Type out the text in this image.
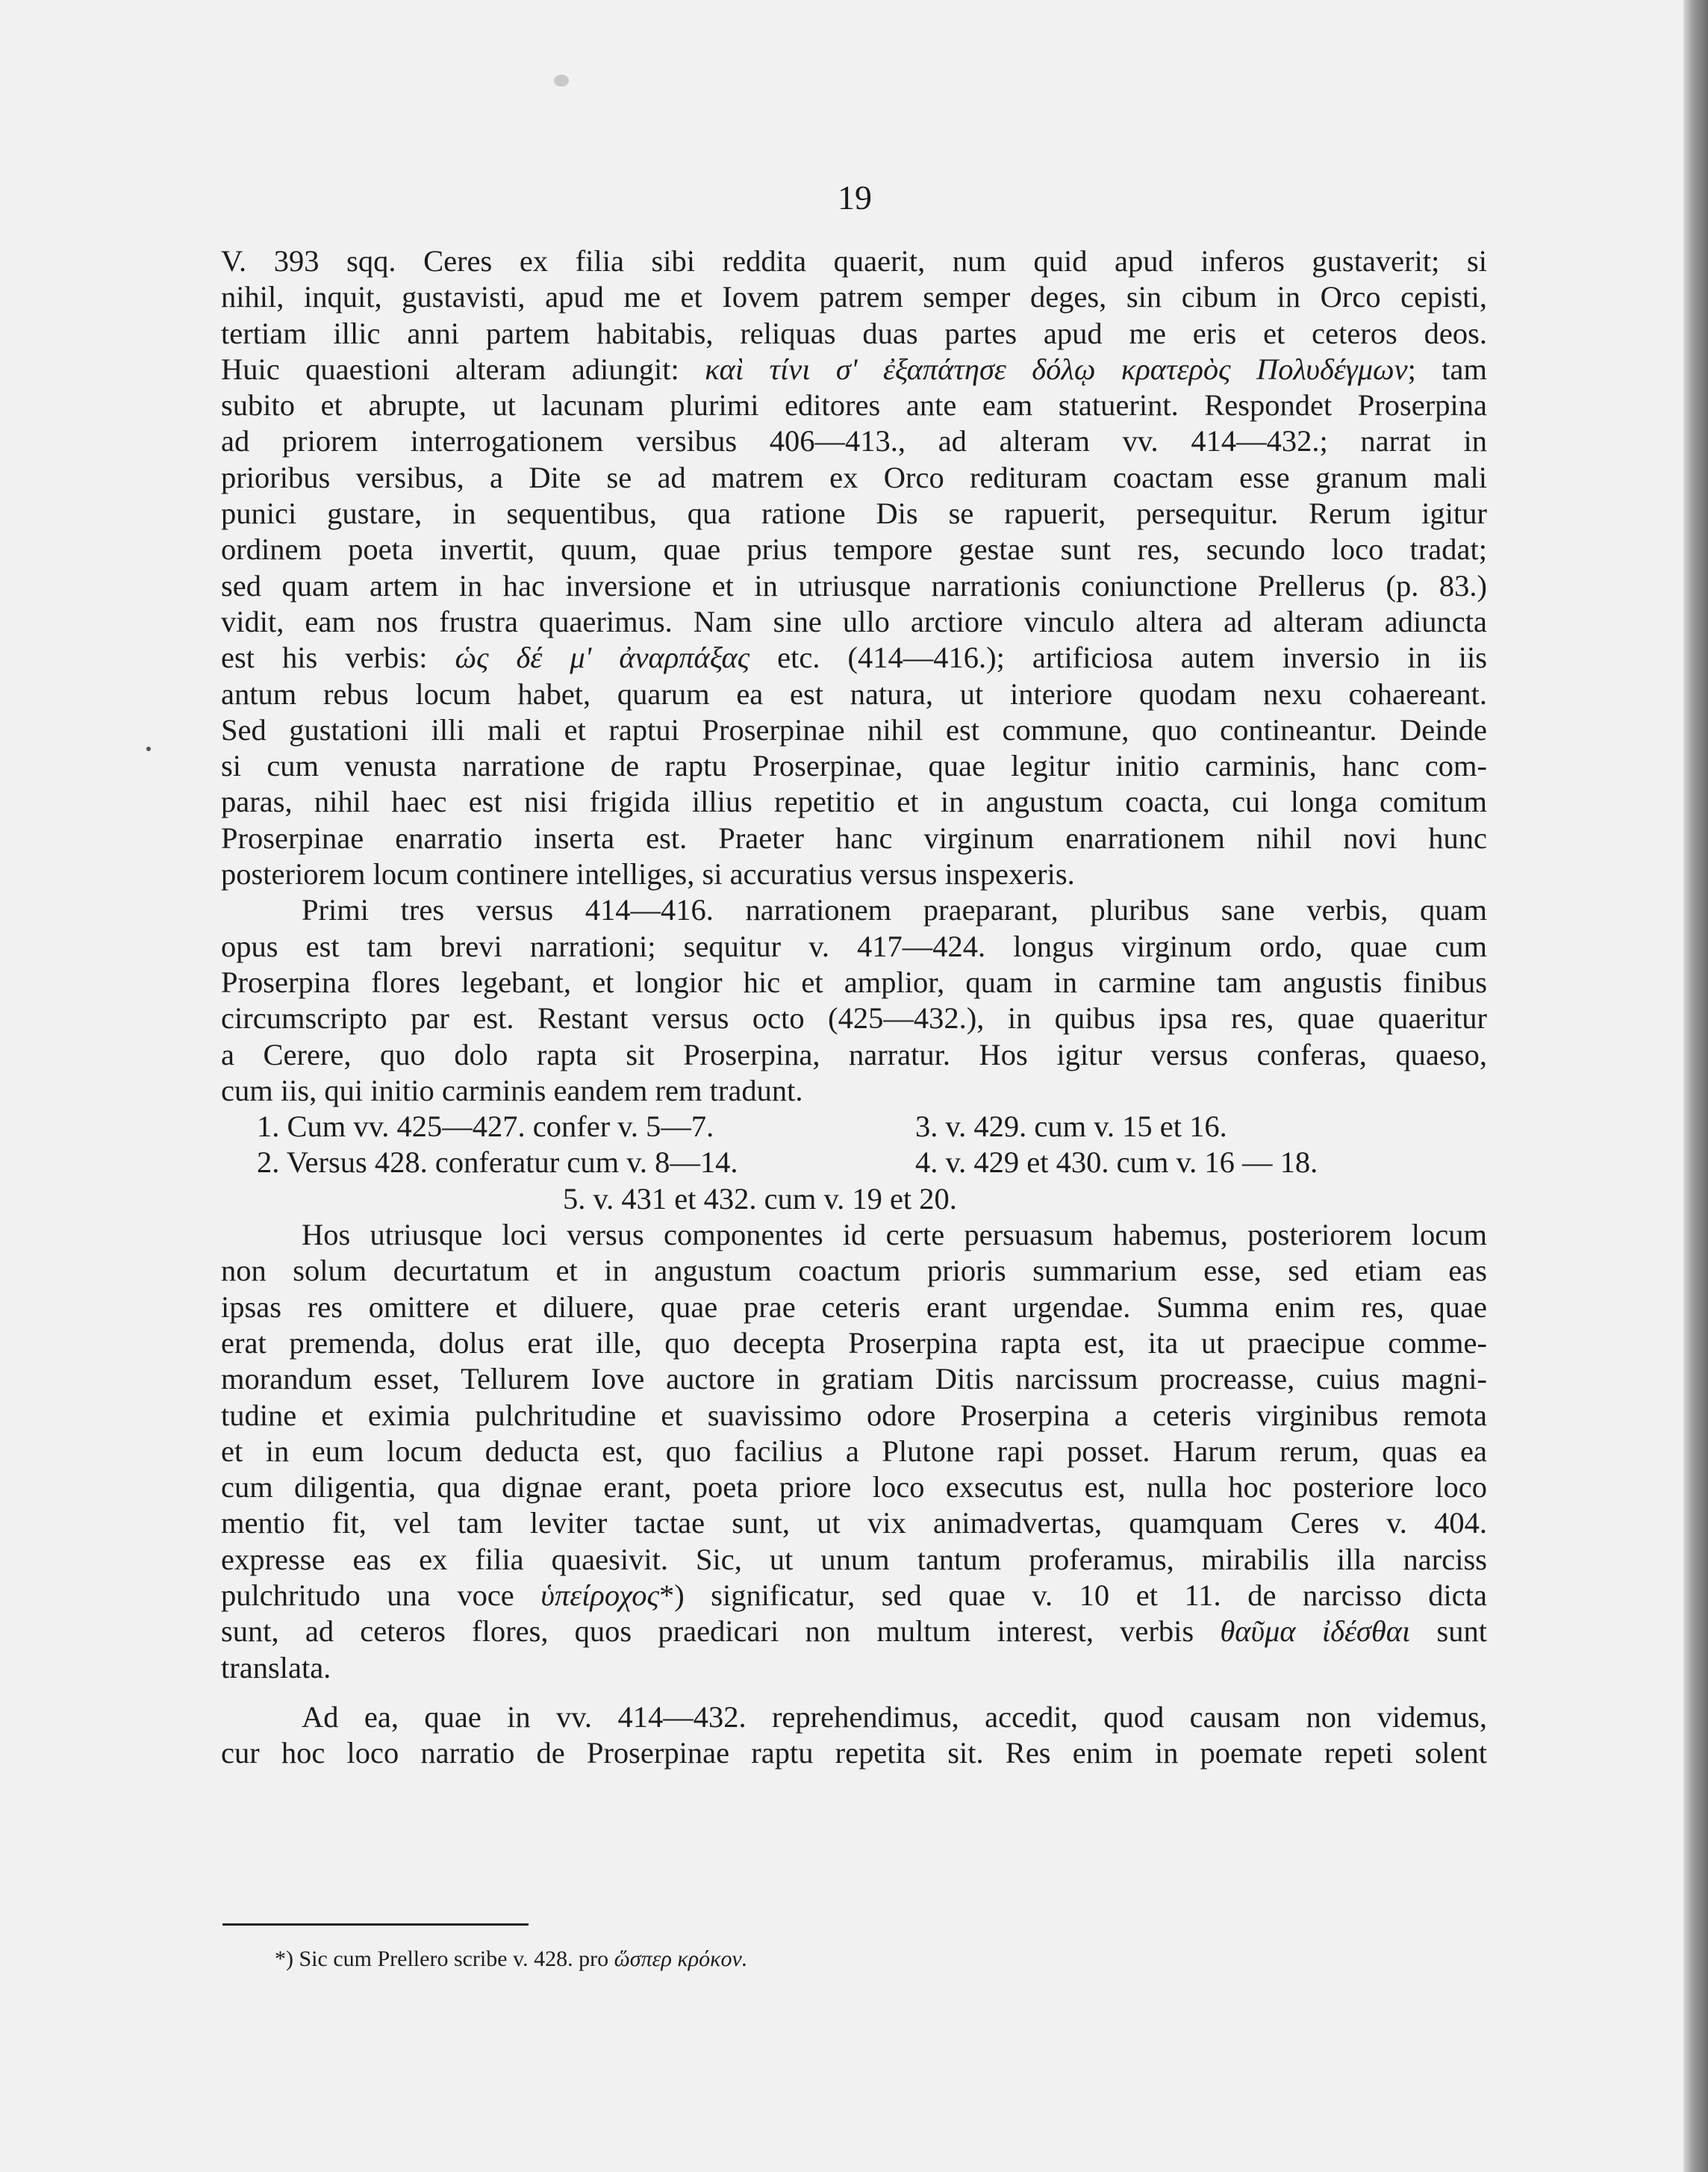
19
V. 393 sqq. Ceres ex filia sibi reddita quaerit, num quid apud inferos gustaverit; si
nihil, inquit, gustavisti, apud me et Iovem patrem semper deges, sin cibum in Orco cepisti,
tertiam illic anni partem habitabis, reliquas duas partes apud me eris et ceteros deos.
Huic quaestioni alteram adiungit: καὶ τίνι σ' ἐξαπάτησε δόλῳ κρατερὸς Πολυδέγμων; tam
subito et abrupte, ut lacunam plurimi editores ante eam statuerint. Respondet Proserpina
ad priorem interrogationem versibus 406—413., ad alteram vv. 414—432.; narrat in
prioribus versibus, a Dite se ad matrem ex Orco redituram coactam esse granum mali
punici gustare, in sequentibus, qua ratione Dis se rapuerit, persequitur. Rerum igitur
ordinem poeta invertit, quum, quae prius tempore gestae sunt res, secundo loco tradat;
sed quam artem in hac inversione et in utriusque narrationis coniunctione Prellerus (p. 83.)
vidit, eam nos frustra quaerimus. Nam sine ullo arctiore vinculo altera ad alteram adiuncta
est his verbis: ὡς δέ μ' ἀναρπάξας etc. (414—416.); artificiosa autem inversio in iis
antum rebus locum habet, quarum ea est natura, ut interiore quodam nexu cohaereant.
Sed gustationi illi mali et raptui Proserpinae nihil est commune, quo contineantur. Deinde
si cum venusta narratione de raptu Proserpinae, quae legitur initio carminis, hanc com-
paras, nihil haec est nisi frigida illius repetitio et in angustum coacta, cui longa comitum
Proserpinae enarratio inserta est. Praeter hanc virginum enarrationem nihil novi hunc
posteriorem locum continere intelliges, si accuratius versus inspexeris.
Primi tres versus 414—416. narrationem praeparant, pluribus sane verbis, quam
opus est tam brevi narrationi; sequitur v. 417—424. longus virginum ordo, quae cum
Proserpina flores legebant, et longior hic et amplior, quam in carmine tam angustis finibus
circumscripto par est. Restant versus octo (425—432.), in quibus ipsa res, quae quaeritur
a Cerere, quo dolo rapta sit Proserpina, narratur. Hos igitur versus conferas, quaeso,
cum iis, qui initio carminis eandem rem tradunt.
1. Cum vv. 425—427. confer v. 5—7.	3. v. 429. cum v. 15 et 16.
2. Versus 428. conferatur cum v. 8—14.	4. v. 429 et 430. cum v. 16 — 18.
5. v. 431 et 432. cum v. 19 et 20.
Hos utriusque loci versus componentes id certe persuasum habemus, posteriorem locum
non solum decurtatum et in angustum coactum prioris summarium esse, sed etiam eas
ipsas res omittere et diluere, quae prae ceteris erant urgendae. Summa enim res, quae
erat premenda, dolus erat ille, quo decepta Proserpina rapta est, ita ut praecipue comme-
morandum esset, Tellurem Iove auctore in gratiam Ditis narcissum procreasse, cuius magni-
tudine et eximia pulchritudine et suavissimo odore Proserpina a ceteris virginibus remota
et in eum locum deducta est, quo facilius a Plutone rapi posset. Harum rerum, quas ea
cum diligentia, qua dignae erant, poeta priore loco exsecutus est, nulla hoc posteriore loco
mentio fit, vel tam leviter tactae sunt, ut vix animadvertas, quamquam Ceres v. 404.
expresse eas ex filia quaesivit. Sic, ut unum tantum proferamus, mirabilis illa narciss
pulchritudo una voce ὑπείροχος*) significatur, sed quae v. 10 et 11. de narcisso dicta
sunt, ad ceteros flores, quos praedicari non multum interest, verbis θαῦμα ἰδέσθαι sunt
translata.
Ad ea, quae in vv. 414—432. reprehendimus, accedit, quod causam non videmus,
cur hoc loco narratio de Proserpinae raptu repetita sit. Res enim in poemate repeti solent
*) Sic cum Prellero scribe v. 428. pro ὥσπερ κρόκον.
